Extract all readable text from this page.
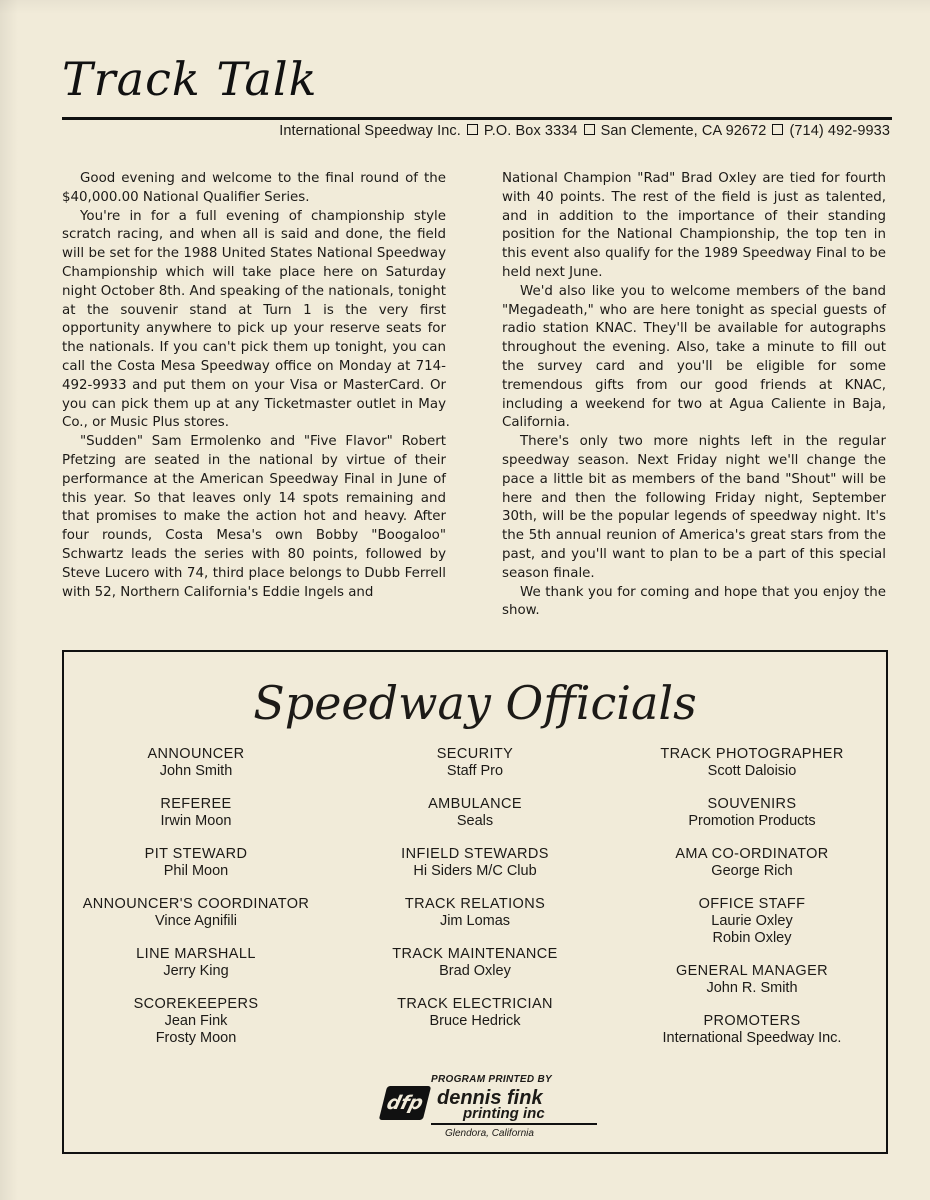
Track Talk
International Speedway Inc. P.O. Box 3334 San Clemente, CA 92672 (714) 492-9933

Good evening and welcome to the final round of the $40,000.00 National Qualifier Series.

You're in for a full evening of championship style scratch racing, and when all is said and done, the field will be set for the 1988 United States National Speedway Championship which will take place here on Saturday night October 8th. And speaking of the nationals, tonight at the souvenir stand at Turn 1 is the very first opportunity anywhere to pick up your reserve seats for the nationals. If you can't pick them up tonight, you can call the Costa Mesa Speedway office on Monday at 714-492-9933 and put them on your Visa or MasterCard. Or you can pick them up at any Ticketmaster outlet in May Co., or Music Plus stores.

"Sudden" Sam Ermolenko and "Five Flavor" Robert Pfetzing are seated in the national by virtue of their performance at the American Speedway Final in June of this year. So that leaves only 14 spots remaining and that promises to make the action hot and heavy. After four rounds, Costa Mesa's own Bobby "Boogaloo" Schwartz leads the series with 80 points, followed by Steve Lucero with 74, third place belongs to Dubb Ferrell with 52, Northern California's Eddie Ingels and

National Champion "Rad" Brad Oxley are tied for fourth with 40 points. The rest of the field is just as talented, and in addition to the importance of their standing position for the National Championship, the top ten in this event also qualify for the 1989 Speedway Final to be held next June.

We'd also like you to welcome members of the band "Megadeath," who are here tonight as special guests of radio station KNAC. They'll be available for autographs throughout the evening. Also, take a minute to fill out the survey card and you'll be eligible for some tremendous gifts from our good friends at KNAC, including a weekend for two at Agua Caliente in Baja, California.

There's only two more nights left in the regular speedway season. Next Friday night we'll change the pace a little bit as members of the band "Shout" will be here and then the following Friday night, September 30th, will be the popular legends of speedway night. It's the 5th annual reunion of America's great stars from the past, and you'll want to plan to be a part of this special season finale.

We thank you for coming and hope that you enjoy the show.

Speedway Officials
ANNOUNCER
John Smith
REFEREE
Irwin Moon
PIT STEWARD
Phil Moon
ANNOUNCER'S COORDINATOR
Vince Agnifili
LINE MARSHALL
Jerry King
SCOREKEEPERS
Jean Fink
Frosty Moon
SECURITY
Staff Pro
AMBULANCE
Seals
INFIELD STEWARDS
Hi Siders M/C Club
TRACK RELATIONS
Jim Lomas
TRACK MAINTENANCE
Brad Oxley
TRACK ELECTRICIAN
Bruce Hedrick
TRACK PHOTOGRAPHER
Scott Daloisio
SOUVENIRS
Promotion Products
AMA CO-ORDINATOR
George Rich
OFFICE STAFF
Laurie Oxley
Robin Oxley
GENERAL MANAGER
John R. Smith
PROMOTERS
International Speedway Inc.
PROGRAM PRINTED BY
dfp dennis fink
printing inc
Glendora, California
